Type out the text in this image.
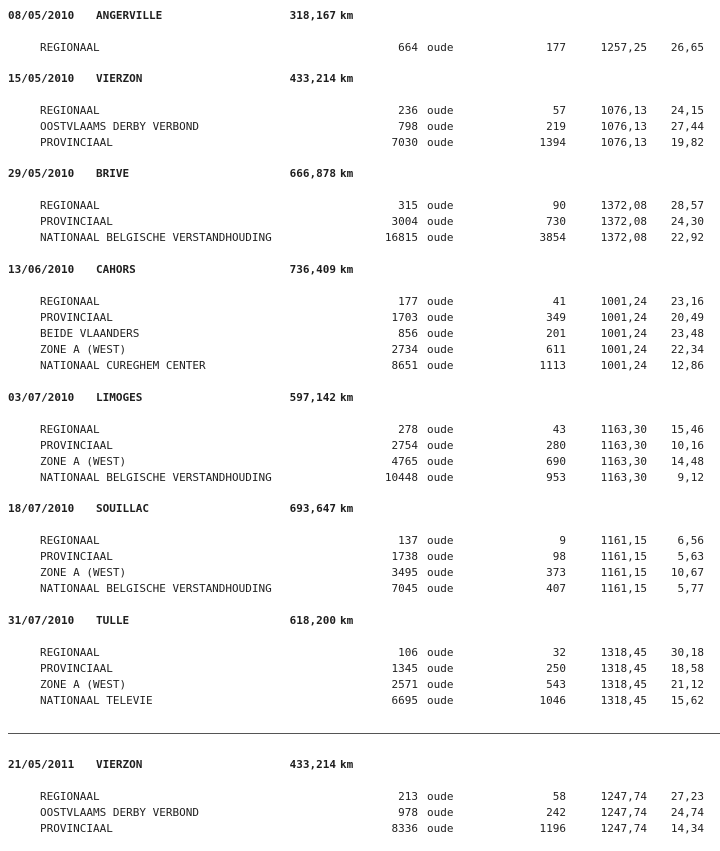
08/05/2010 ANGERVILLE	318,167 km
REGIONAAL	664 oude	177	1257,25	26,65
15/05/2010 VIERZON	433,214 km
REGIONAAL	236 oude	57	1076,13	24,15
OOSTVLAAMS DERBY VERBOND	798 oude	219	1076,13	27,44
PROVINCIAAL	7030 oude	1394	1076,13	19,82
29/05/2010 BRIVE	666,878 km
REGIONAAL	315 oude	90	1372,08	28,57
PROVINCIAAL	3004 oude	730	1372,08	24,30
NATIONAAL BELGISCHE VERSTANDHOUDING	16815 oude	3854	1372,08	22,92
13/06/2010 CAHORS	736,409 km
REGIONAAL	177 oude	41	1001,24	23,16
PROVINCIAAL	1703 oude	349	1001,24	20,49
BEIDE VLAANDERS	856 oude	201	1001,24	23,48
ZONE A (WEST)	2734 oude	611	1001,24	22,34
NATIONAAL CUREGHEM CENTER	8651 oude	1113	1001,24	12,86
03/07/2010 LIMOGES	597,142 km
REGIONAAL	278 oude	43	1163,30	15,46
PROVINCIAAL	2754 oude	280	1163,30	10,16
ZONE A (WEST)	4765 oude	690	1163,30	14,48
NATIONAAL BELGISCHE VERSTANDHOUDING	10448 oude	953	1163,30	9,12
18/07/2010 SOUILLAC	693,647 km
REGIONAAL	137 oude	9	1161,15	6,56
PROVINCIAAL	1738 oude	98	1161,15	5,63
ZONE A (WEST)	3495 oude	373	1161,15	10,67
NATIONAAL BELGISCHE VERSTANDHOUDING	7045 oude	407	1161,15	5,77
31/07/2010 TULLE	618,200 km
REGIONAAL	106 oude	32	1318,45	30,18
PROVINCIAAL	1345 oude	250	1318,45	18,58
ZONE A (WEST)	2571 oude	543	1318,45	21,12
NATIONAAL TELEVIE	6695 oude	1046	1318,45	15,62
21/05/2011 VIERZON	433,214 km
REGIONAAL	213 oude	58	1247,74	27,23
OOSTVLAAMS DERBY VERBOND	978 oude	242	1247,74	24,74
PROVINCIAAL	8336 oude	1196	1247,74	14,34
